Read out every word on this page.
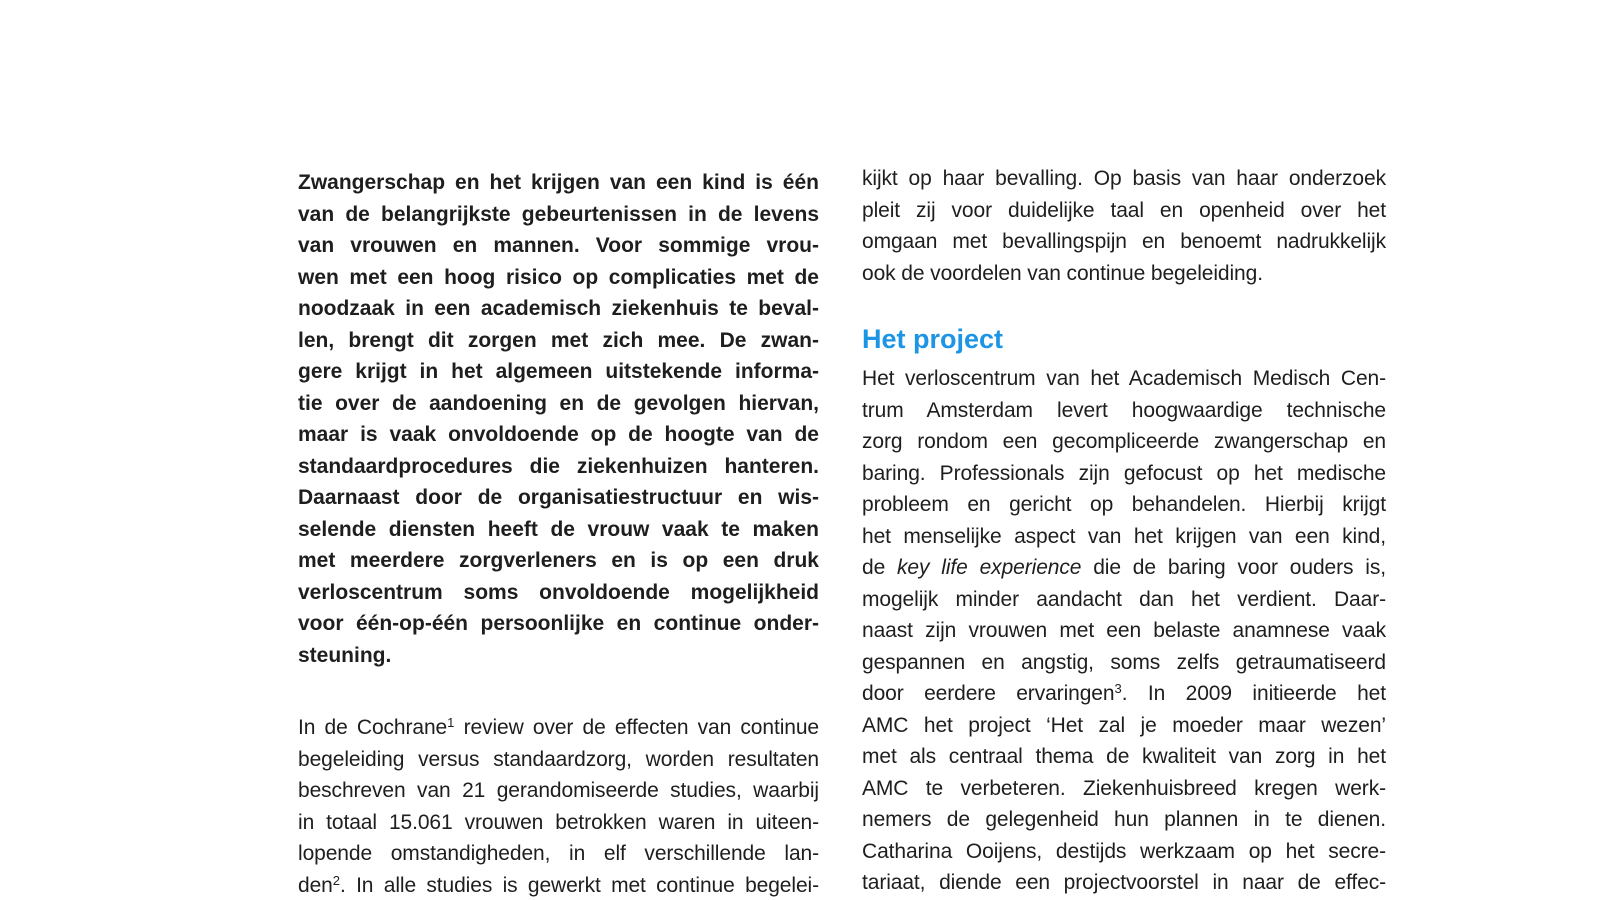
Zwangerschap en het krijgen van een kind is één
van de belangrijkste gebeurtenissen in de levens
van vrouwen en mannen. Voor sommige vrou-
wen met een hoog risico op complicaties met de
noodzaak in een academisch ziekenhuis te beval-
len, brengt dit zorgen met zich mee. De zwan-
gere krijgt in het algemeen uitstekende informa-
tie over de aandoening en de gevolgen hiervan,
maar is vaak onvoldoende op de hoogte van de
standaardprocedures die ziekenhuizen hanteren.
Daarnaast door de organisatiestructuur en wis-
selende diensten heeft de vrouw vaak te maken
met meerdere zorgverleners en is op een druk
verloscentrum soms onvoldoende mogelijkheid
voor één-op-één persoonlijke en continue onder-
steuning.
In de Cochrane$^1$ review over de effecten van continue
begeleiding versus standaardzorg, worden resultaten
beschreven van 21 gerandomiseerde studies, waarbij
in totaal 15.061 vrouwen betrokken waren in uiteen-
lopende omstandigheden, in elf verschillende lan-
den$^2$. In alle studies is gewerkt met continue begelei-
kijkt op haar bevalling. Op basis van haar onderzoek
pleit zij voor duidelijke taal en openheid over het
omgaan met bevallingspijn en benoemt nadrukkelijk
ook de voordelen van continue begeleiding.
Het project
Het verloscentrum van het Academisch Medisch Cen-
trum Amsterdam levert hoogwaardige technische
zorg rondom een gecompliceerde zwangerschap en
baring. Professionals zijn gefocust op het medische
probleem en gericht op behandelen. Hierbij krijgt
het menselijke aspect van het krijgen van een kind,
de key life experience die de baring voor ouders is,
mogelijk minder aandacht dan het verdient. Daar-
naast zijn vrouwen met een belaste anamnese vaak
gespannen en angstig, soms zelfs getraumatiseerd
door eerdere ervaringen$^3$. In 2009 initieerde het
AMC het project ‘Het zal je moeder maar wezen’
met als centraal thema de kwaliteit van zorg in het
AMC te verbeteren. Ziekenhuisbreed kregen werk-
nemers de gelegenheid hun plannen in te dienen.
Catharina Ooijens, destijds werkzaam op het secre-
tariaat, diende een projectvoorstel in naar de effec-
